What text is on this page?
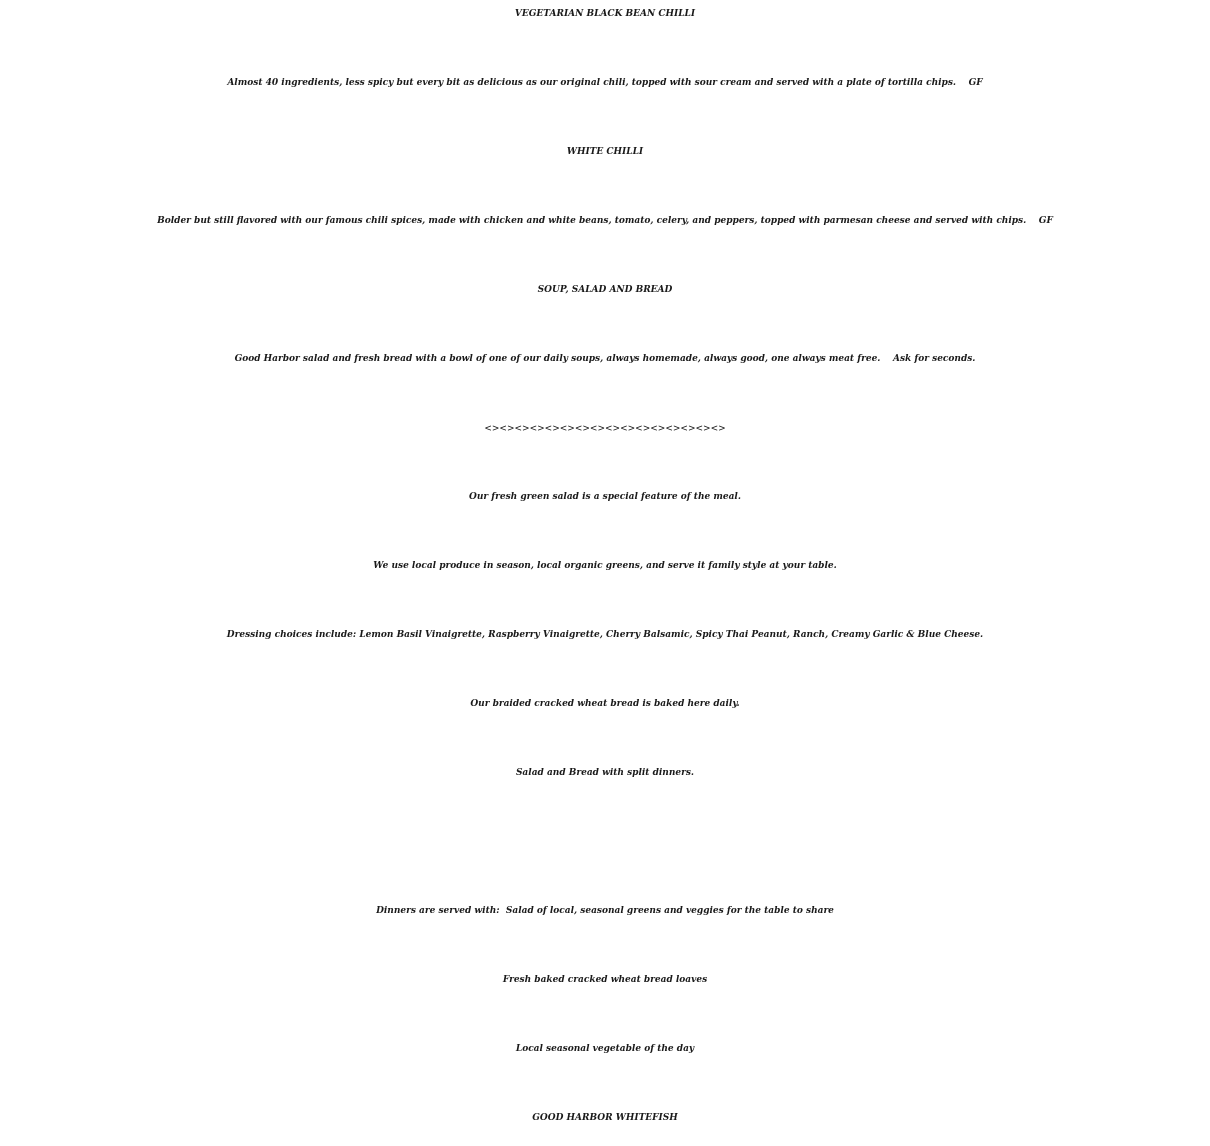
VEGETARIAN BLACK BEAN CHILLI
Almost 40 ingredients, less spicy but every bit as delicious as our original chili, topped with sour cream and served with a plate of tortilla chips.    GF
WHITE CHILLI
Bolder but still flavored with our famous chili spices, made with chicken and white beans, tomato, celery, and peppers, topped with parmesan cheese and served with chips.    GF
SOUP, SALAD AND BREAD
Good Harbor salad and fresh bread with a bowl of one of our daily soups, always homemade, always good, one always meat free.    Ask for seconds.
<><><><><><><><><><><><><><><><>
Our fresh green salad is a special feature of the meal.
We use local produce in season, local organic greens, and serve it family style at your table.
Dressing choices include: Lemon Basil Vinaigrette, Raspberry Vinaigrette, Cherry Balsamic, Spicy Thai Peanut, Ranch, Creamy Garlic & Blue Cheese.
Our braided cracked wheat bread is baked here daily.
Salad and Bread with split dinners.
Dinners are served with:  Salad of local, seasonal greens and veggies for the table to share
Fresh baked cracked wheat bread loaves
Local seasonal vegetable of the day
GOOD HARBOR WHITEFISH
